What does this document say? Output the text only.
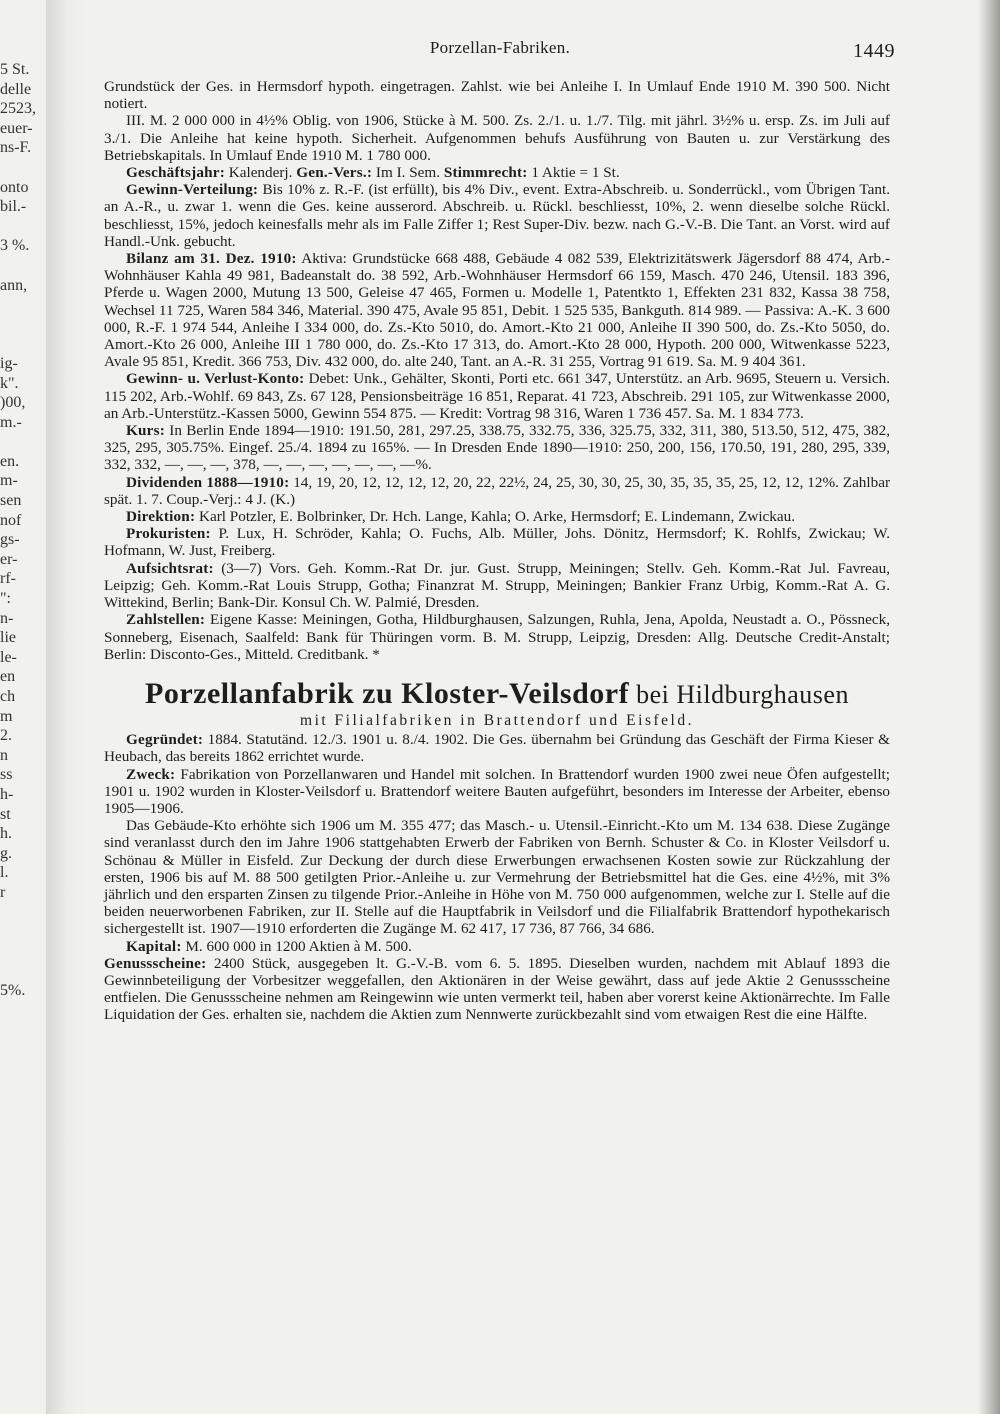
5 St.
delle
2523,
euer-
ns-F.
onto
bil.-
3 %.
ann,
ig-
k".
)00,
m.-
en.
m-
sen
nof
gs-
er-
rf-
":
n-
lie
le-
en
ch
m
2.
n
ss
h-
st
h.
g.
l.
r
5%.
Porzellan-Fabriken.	1449

Grundstück der Ges. in Hermsdorf hypoth. eingetragen. Zahlst. wie bei Anleihe I. In Umlauf Ende 1910 M. 390 500. Nicht notiert.

III. M. 2 000 000 in 4½% Oblig. von 1906, Stücke à M. 500. Zs. 2./1. u. 1./7. Tilg. mit jährl. 3½% u. ersp. Zs. im Juli auf 3./1. Die Anleihe hat keine hypoth. Sicherheit. Aufgenommen behufs Ausführung von Bauten u. zur Verstärkung des Betriebskapitals. In Umlauf Ende 1910 M. 1 780 000.

Geschäftsjahr: Kalenderj. Gen.-Vers.: Im I. Sem. Stimmrecht: 1 Aktie = 1 St.

Gewinn-Verteilung: Bis 10% z. R.-F. (ist erfüllt), bis 4% Div., event. Extra-Abschreib. u. Sonderrückl., vom Übrigen Tant. an A.-R., u. zwar 1. wenn die Ges. keine ausserord. Abschreib. u. Rückl. beschliesst, 10%, 2. wenn dieselbe solche Rückl. beschliesst, 15%, jedoch keinesfalls mehr als im Falle Ziffer 1; Rest Super-Div. bezw. nach G.-V.-B. Die Tant. an Vorst. wird auf Handl.-Unk. gebucht.

Bilanz am 31. Dez. 1910: Aktiva: Grundstücke 668 488, Gebäude 4 082 539, Elektrizitätswerk Jägersdorf 88 474, Arb.-Wohnhäuser Kahla 49 981, Badeanstalt do. 38 592, Arb.-Wohnhäuser Hermsdorf 66 159, Masch. 470 246, Utensil. 183 396, Pferde u. Wagen 2000, Mutung 13 500, Geleise 47 465, Formen u. Modelle 1, Patentkto 1, Effekten 231 832, Kassa 38 758, Wechsel 11 725, Waren 584 346, Material. 390 475, Avale 95 851, Debit. 1 525 535, Bankguth. 814 989. — Passiva: A.-K. 3 600 000, R.-F. 1 974 544, Anleihe I 334 000, do. Zs.-Kto 5010, do. Amort.-Kto 21 000, Anleihe II 390 500, do. Zs.-Kto 5050, do. Amort.-Kto 26 000, Anleihe III 1 780 000, do. Zs.-Kto 17 313, do. Amort.-Kto 28 000, Hypoth. 200 000, Witwenkasse 5223, Avale 95 851, Kredit. 366 753, Div. 432 000, do. alte 240, Tant. an A.-R. 31 255, Vortrag 91 619. Sa. M. 9 404 361.

Gewinn- u. Verlust-Konto: Debet: Unk., Gehälter, Skonti, Porti etc. 661 347, Unterstütz. an Arb. 9695, Steuern u. Versich. 115 202, Arb.-Wohlf. 69 843, Zs. 67 128, Pensionsbeiträge 16 851, Reparat. 41 723, Abschreib. 291 105, zur Witwenkasse 2000, an Arb.-Unterstütz.-Kassen 5000, Gewinn 554 875. — Kredit: Vortrag 98 316, Waren 1 736 457. Sa. M. 1 834 773.

Kurs: In Berlin Ende 1894—1910: 191.50, 281, 297.25, 338.75, 332.75, 336, 325.75, 332, 311, 380, 513.50, 512, 475, 382, 325, 295, 305.75%. Eingef. 25./4. 1894 zu 165%. — In Dresden Ende 1890—1910: 250, 200, 156, 170.50, 191, 280, 295, 339, 332, 332, —, —, —, 378, —, —, —, —, —, —, —%.

Dividenden 1888—1910: 14, 19, 20, 12, 12, 12, 12, 20, 22, 22½, 24, 25, 30, 30, 25, 30, 35, 35, 35, 25, 12, 12, 12%. Zahlbar spät. 1. 7. Coup.-Verj.: 4 J. (K.)

Direktion: Karl Potzler, E. Bolbrinker, Dr. Hch. Lange, Kahla; O. Arke, Hermsdorf; E. Lindemann, Zwickau.

Prokuristen: P. Lux, H. Schröder, Kahla; O. Fuchs, Alb. Müller, Johs. Dönitz, Hermsdorf; K. Rohlfs, Zwickau; W. Hofmann, W. Just, Freiberg.

Aufsichtsrat: (3—7) Vors. Geh. Komm.-Rat Dr. jur. Gust. Strupp, Meiningen; Stellv. Geh. Komm.-Rat Jul. Favreau, Leipzig; Geh. Komm.-Rat Louis Strupp, Gotha; Finanzrat M. Strupp, Meiningen; Bankier Franz Urbig, Komm.-Rat A. G. Wittekind, Berlin; Bank-Dir. Konsul Ch. W. Palmié, Dresden.

Zahlstellen: Eigene Kasse: Meiningen, Gotha, Hildburghausen, Salzungen, Ruhla, Jena, Apolda, Neustadt a. O., Pössneck, Sonneberg, Eisenach, Saalfeld: Bank für Thüringen vorm. B. M. Strupp, Leipzig, Dresden: Allg. Deutsche Credit-Anstalt; Berlin: Disconto-Ges., Mitteld. Creditbank. *

Porzellanfabrik zu Kloster-Veilsdorf bei Hildburghausen
mit Filialfabriken in Brattendorf und Eisfeld.

Gegründet: 1884. Statutänd. 12./3. 1901 u. 8./4. 1902. Die Ges. übernahm bei Gründung das Geschäft der Firma Kieser & Heubach, das bereits 1862 errichtet wurde.

Zweck: Fabrikation von Porzellanwaren und Handel mit solchen. In Brattendorf wurden 1900 zwei neue Öfen aufgestellt; 1901 u. 1902 wurden in Kloster-Veilsdorf u. Brattendorf weitere Bauten aufgeführt, besonders im Interesse der Arbeiter, ebenso 1905—1906.

Das Gebäude-Kto erhöhte sich 1906 um M. 355 477; das Masch.- u. Utensil.-Einricht.-Kto um M. 134 638. Diese Zugänge sind veranlasst durch den im Jahre 1906 stattgehabten Erwerb der Fabriken von Bernh. Schuster & Co. in Kloster Veilsdorf u. Schönau & Müller in Eisfeld. Zur Deckung der durch diese Erwerbungen erwachsenen Kosten sowie zur Rückzahlung der ersten, 1906 bis auf M. 88 500 getilgten Prior.-Anleihe u. zur Vermehrung der Betriebsmittel hat die Ges. eine 4½%, mit 3% jährlich und den ersparten Zinsen zu tilgende Prior.-Anleihe in Höhe von M. 750 000 aufgenommen, welche zur I. Stelle auf die beiden neuerworbenen Fabriken, zur II. Stelle auf die Hauptfabrik in Veilsdorf und die Filialfabrik Brattendorf hypothekarisch sichergestellt ist. 1907—1910 erforderten die Zugänge M. 62 417, 17 736, 87 766, 34 686.

Kapital: M. 600 000 in 1200 Aktien à M. 500.

Genussscheine: 2400 Stück, ausgegeben lt. G.-V.-B. vom 6. 5. 1895. Dieselben wurden, nachdem mit Ablauf 1893 die Gewinnbeteiligung der Vorbesitzer weggefallen, den Aktionären in der Weise gewährt, dass auf jede Aktie 2 Genussscheine entfielen. Die Genussscheine nehmen am Reingewinn wie unten vermerkt teil, haben aber vorerst keine Aktionärrechte. Im Falle Liquidation der Ges. erhalten sie, nachdem die Aktien zum Nennwerte zurückbezahlt sind vom etwaigen Rest die eine Hälfte.
